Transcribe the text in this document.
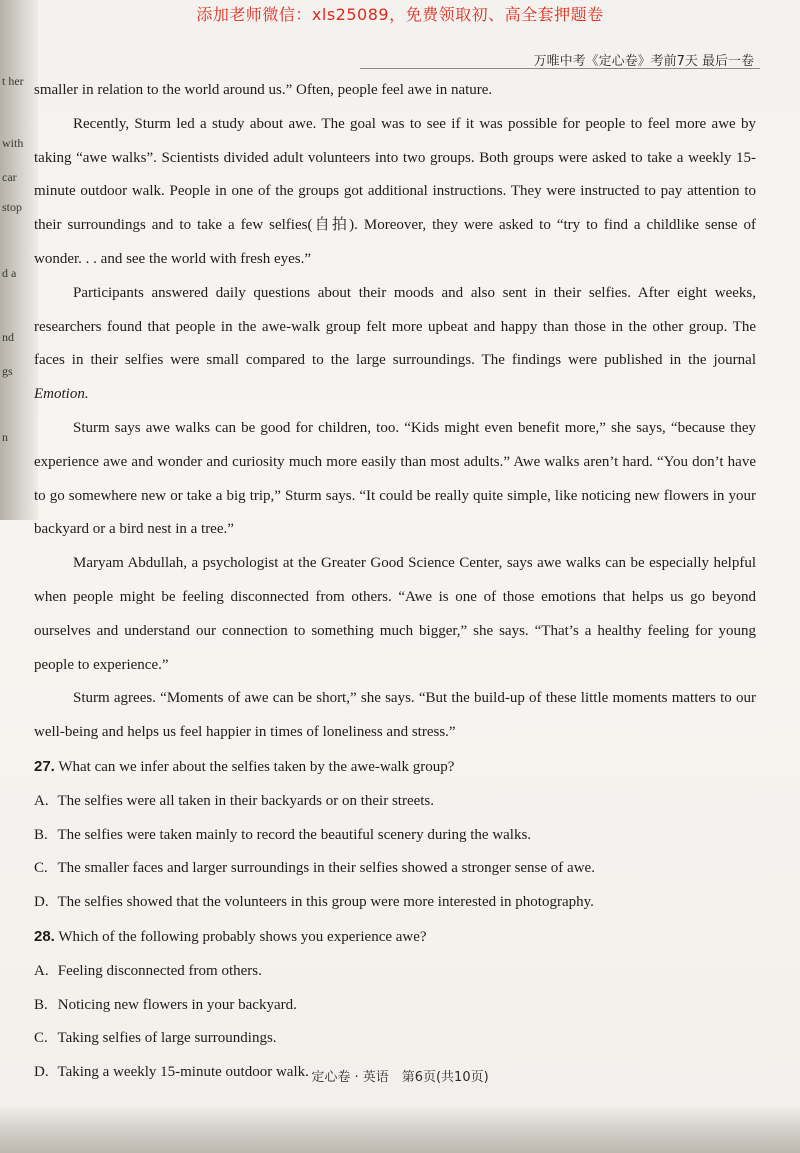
t her
with
car
stop
d a
nd
gs
n
添加老师微信：xls25089，免费领取初、高全套押题卷
万唯中考《定心卷》考前7天 最后一卷

smaller in relation to the world around us.” Often, people feel awe in nature.

Recently, Sturm led a study about awe. The goal was to see if it was possible for people to feel more awe by taking “awe walks”. Scientists divided adult volunteers into two groups. Both groups were asked to take a weekly 15-minute outdoor walk. People in one of the groups got additional instructions. They were instructed to pay attention to their surroundings and to take a few selfies(自拍). Moreover, they were asked to “try to find a childlike sense of wonder. . . and see the world with fresh eyes.”

Participants answered daily questions about their moods and also sent in their selfies. After eight weeks, researchers found that people in the awe-walk group felt more upbeat and happy than those in the other group. The faces in their selfies were small compared to the large surroundings. The findings were published in the journal Emotion.

Sturm says awe walks can be good for children, too. “Kids might even benefit more,” she says, “because they experience awe and wonder and curiosity much more easily than most adults.” Awe walks aren’t hard. “You don’t have to go somewhere new or take a big trip,” Sturm says. “It could be really quite simple, like noticing new flowers in your backyard or a bird nest in a tree.”

Maryam Abdullah, a psychologist at the Greater Good Science Center, says awe walks can be especially helpful when people might be feeling disconnected from others. “Awe is one of those emotions that helps us go beyond ourselves and understand our connection to something much bigger,” she says. “That’s a healthy feeling for young people to experience.”

Sturm agrees. “Moments of awe can be short,” she says. “But the build-up of these little moments matters to our well-being and helps us feel happier in times of loneliness and stress.”

27. What can we infer about the selfies taken by the awe-walk group?

A. The selfies were all taken in their backyards or on their streets.

B. The selfies were taken mainly to record the beautiful scenery during the walks.

C. The smaller faces and larger surroundings in their selfies showed a stronger sense of awe.

D. The selfies showed that the volunteers in this group were more interested in photography.

28. Which of the following probably shows you experience awe?

A. Feeling disconnected from others.

B. Noticing new flowers in your backyard.

C. Taking selfies of large surroundings.

D. Taking a weekly 15-minute outdoor walk. 定心卷 · 英语　第6页(共10页)
